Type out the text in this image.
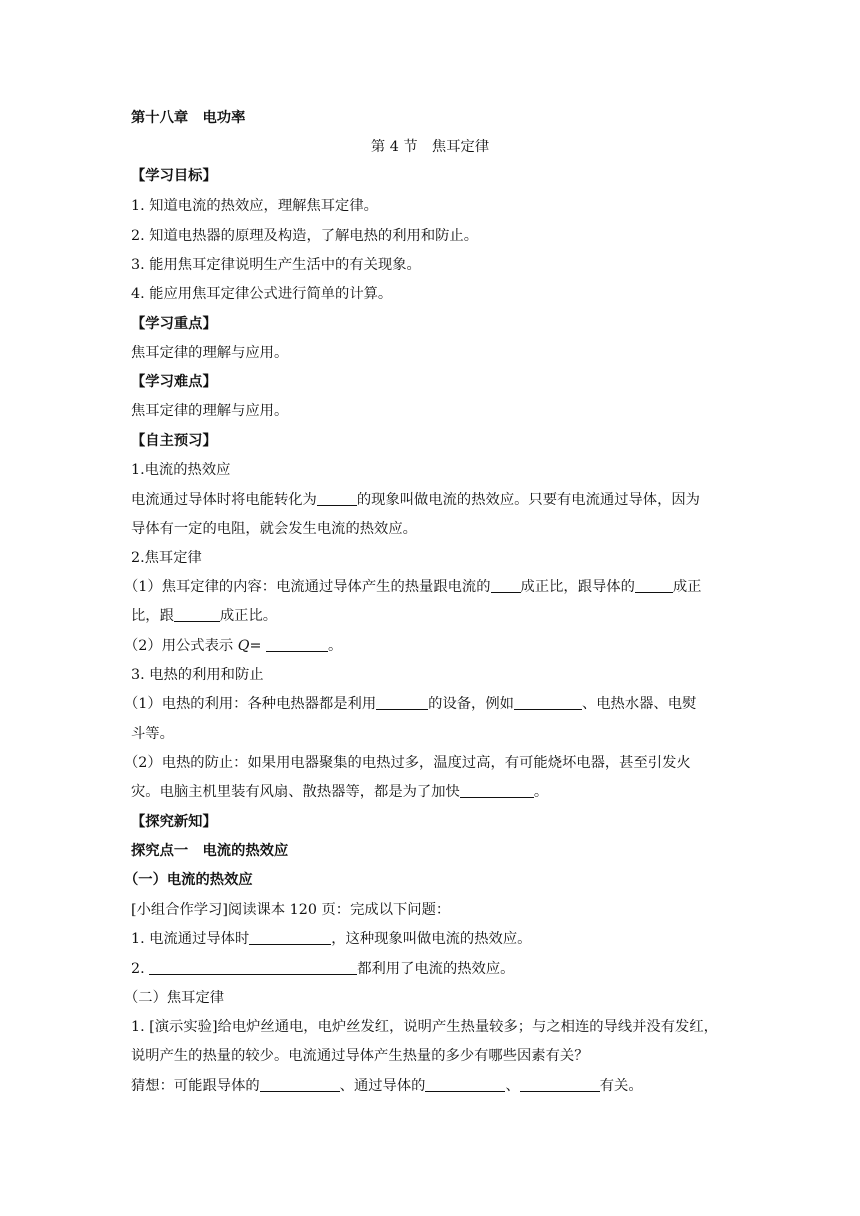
第十八章　电功率
第 4 节　焦耳定律
【学习目标】
1. 知道电流的热效应，理解焦耳定律。
2. 知道电热器的原理及构造，了解电热的利用和防止。
3. 能用焦耳定律说明生产生活中的有关现象。
4. 能应用焦耳定律公式进行简单的计算。
【学习重点】
焦耳定律的理解与应用。
【学习难点】
焦耳定律的理解与应用。
【自主预习】
1.电流的热效应
电流通过导体时将电能转化为	的现象叫做电流的热效应。只要有电流通过导体，因为
导体有一定的电阻，就会发生电流的热效应。
2.焦耳定律
（1）焦耳定律的内容：电流通过导体产生的热量跟电流的 成正比，跟导体的	成正
比，跟	成正比。
（2）用公式表示 Q=	。
3. 电热的利用和防止
（1）电热的利用：各种电热器都是利用	的设备，例如	、电热水器、电熨
斗等。
（2）电热的防止：如果用电器聚集的电热过多，温度过高，有可能烧坏电器，甚至引发火
灾。电脑主机里装有风扇、散热器等，都是为了加快	。
【探究新知】
探究点一　电流的热效应
（一）电流的热效应
[小组合作学习]阅读课本 120 页：完成以下问题：
1. 电流通过导体时	，这种现象叫做电流的热效应。
2.	都利用了电流的热效应。
（二）焦耳定律
1. [演示实验]给电炉丝通电，电炉丝发红，说明产生热量较多；与之相连的导线并没有发红，
说明产生的热量的较少。电流通过导体产生热量的多少有哪些因素有关？
猜想：可能跟导体的	、通过导体的	、	有关。
